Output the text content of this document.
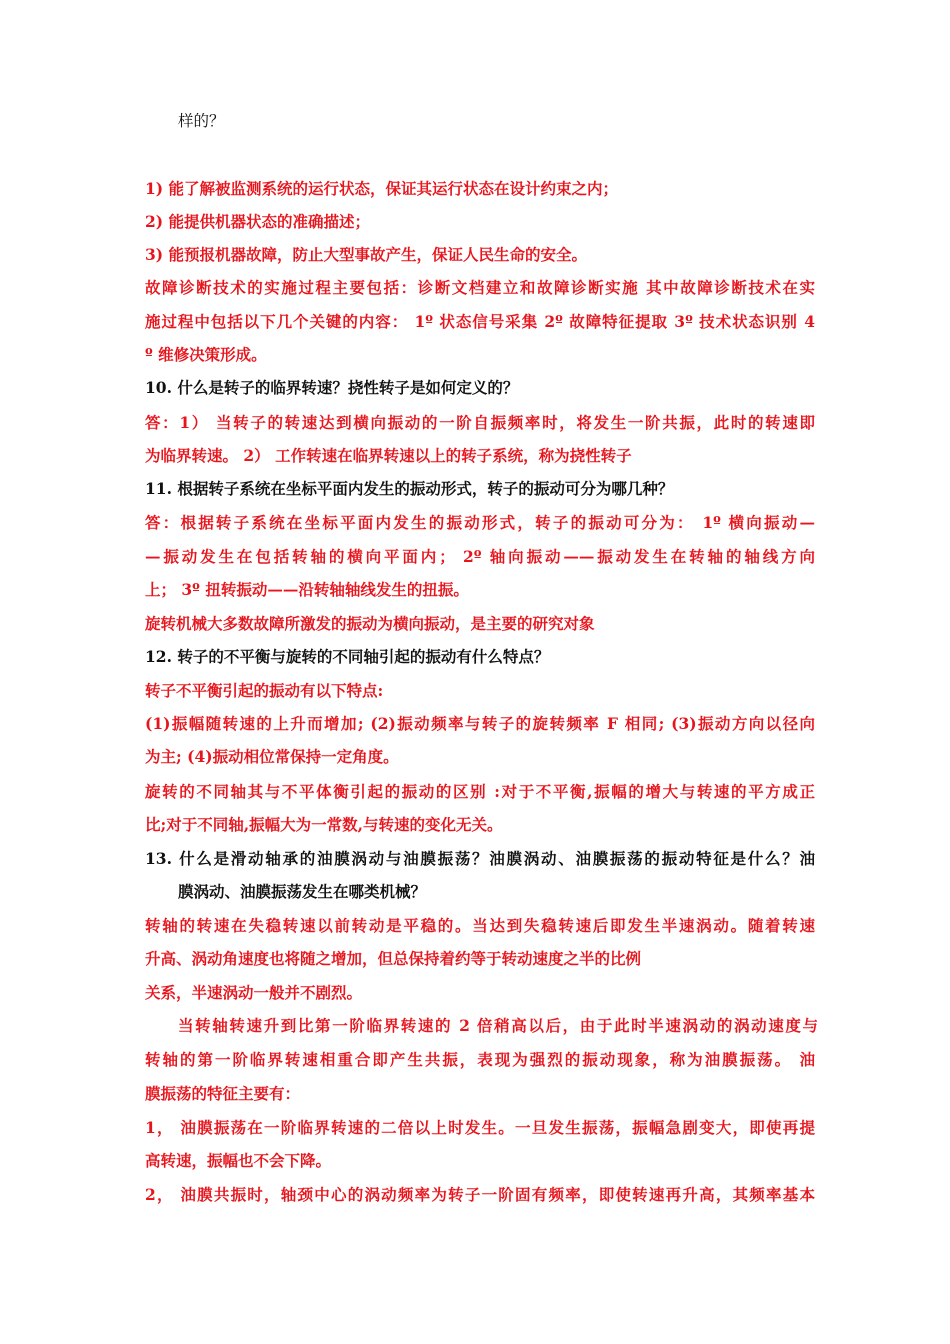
样的？
1) 能了解被监测系统的运行状态，保证其运行状态在设计约束之内；
2) 能提供机器状态的准确描述；
3) 能预报机器故障，防止大型事故产生，保证人民生命的安全。
故障诊断技术的实施过程主要包括：诊断文档建立和故障诊断实施 其中故障诊断技术在实
施过程中包括以下几个关键的内容： 1º 状态信号采集 2º 故障特征提取 3º 技术状态识别 4
º 维修决策形成。
10. 什么是转子的临界转速？挠性转子是如何定义的？
答：1） 当转子的转速达到横向振动的一阶自振频率时，将发生一阶共振，此时的转速即
为临界转速。 2） 工作转速在临界转速以上的转子系统，称为挠性转子
11. 根据转子系统在坐标平面内发生的振动形式，转子的振动可分为哪几种？
答：根据转子系统在坐标平面内发生的振动形式，转子的振动可分为： 1º 横向振动—
—振动发生在包括转轴的横向平面内； 2º 轴向振动——振动发生在转轴的轴线方向
上； 3º 扭转振动——沿转轴轴线发生的扭振。
旋转机械大多数故障所激发的振动为横向振动，是主要的研究对象
12. 转子的不平衡与旋转的不同轴引起的振动有什么特点？
转子不平衡引起的振动有以下特点:
(1)振幅随转速的上升而增加; (2)振动频率与转子的旋转频率 F 相同; (3)振动方向以径向
为主; (4)振动相位常保持一定角度。
旋转的不同轴其与不平体衡引起的振动的区别 :对于不平衡,振幅的增大与转速的平方成正
比;对于不同轴,振幅大为一常数,与转速的变化无关。
13. 什么是滑动轴承的油膜涡动与油膜振荡？油膜涡动、油膜振荡的振动特征是什么？油
膜涡动、油膜振荡发生在哪类机械？
转轴的转速在失稳转速以前转动是平稳的。当达到失稳转速后即发生半速涡动。随着转速
升高、涡动角速度也将随之增加，但总保持着约等于转动速度之半的比例
关系，半速涡动一般并不剧烈。
当转轴转速升到比第一阶临界转速的 2 倍稍高以后，由于此时半速涡动的涡动速度与
转轴的第一阶临界转速相重合即产生共振，表现为强烈的振动现象，称为油膜振荡。 油
膜振荡的特征主要有：
1， 油膜振荡在一阶临界转速的二倍以上时发生。一旦发生振荡，振幅急剧变大，即使再提
高转速，振幅也不会下降。
2， 油膜共振时，轴颈中心的涡动频率为转子一阶固有频率，即使转速再升高，其频率基本
